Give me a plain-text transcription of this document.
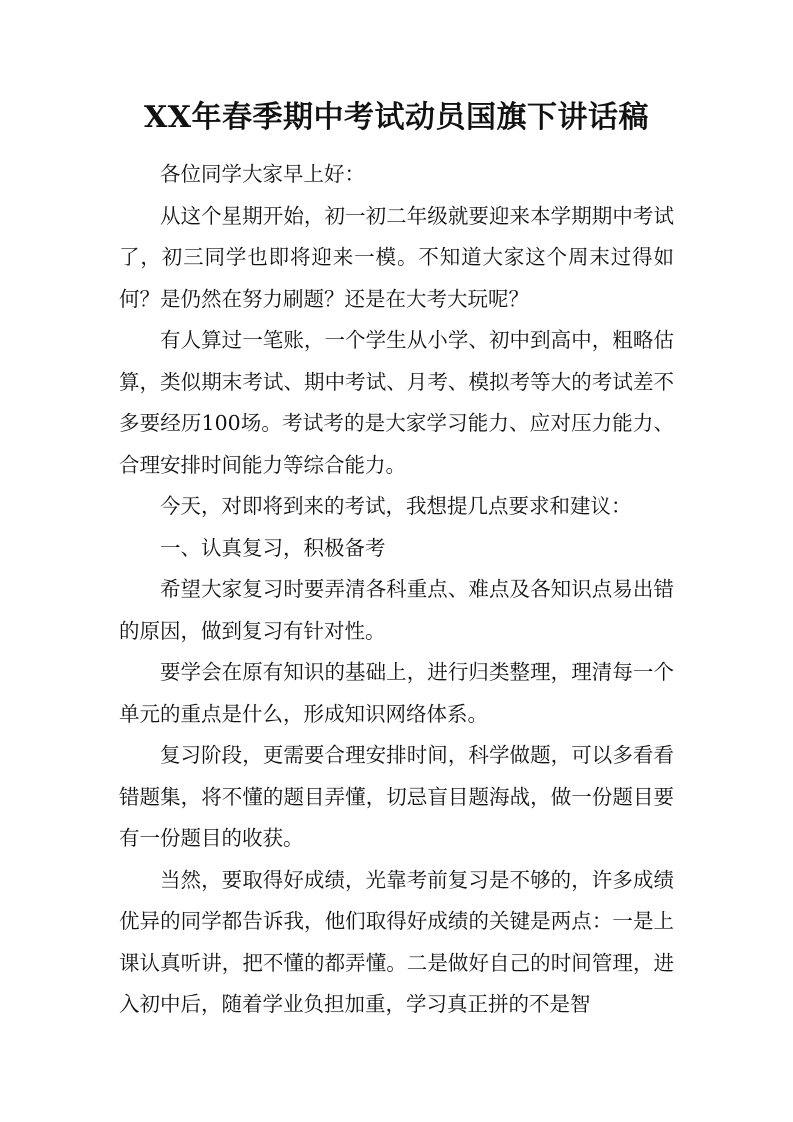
XX年春季期中考试动员国旗下讲话稿

各位同学大家早上好：

从这个星期开始，初一初二年级就要迎来本学期期中考试了，初三同学也即将迎来一模。不知道大家这个周末过得如何？是仍然在努力刷题？还是在大考大玩呢？

有人算过一笔账，一个学生从小学、初中到高中，粗略估算，类似期末考试、期中考试、月考、模拟考等大的考试差不多要经历100场。考试考的是大家学习能力、应对压力能力、合理安排时间能力等综合能力。

今天，对即将到来的考试，我想提几点要求和建议：

一、认真复习，积极备考

希望大家复习时要弄清各科重点、难点及各知识点易出错的原因，做到复习有针对性。

要学会在原有知识的基础上，进行归类整理，理清每一个单元的重点是什么，形成知识网络体系。

复习阶段，更需要合理安排时间，科学做题，可以多看看错题集，将不懂的题目弄懂，切忌盲目题海战，做一份题目要有一份题目的收获。

当然，要取得好成绩，光靠考前复习是不够的，许多成绩优异的同学都告诉我，他们取得好成绩的关键是两点：一是上课认真听讲，把不懂的都弄懂。二是做好自己的时间管理，进入初中后，随着学业负担加重，学习真正拼的不是智
